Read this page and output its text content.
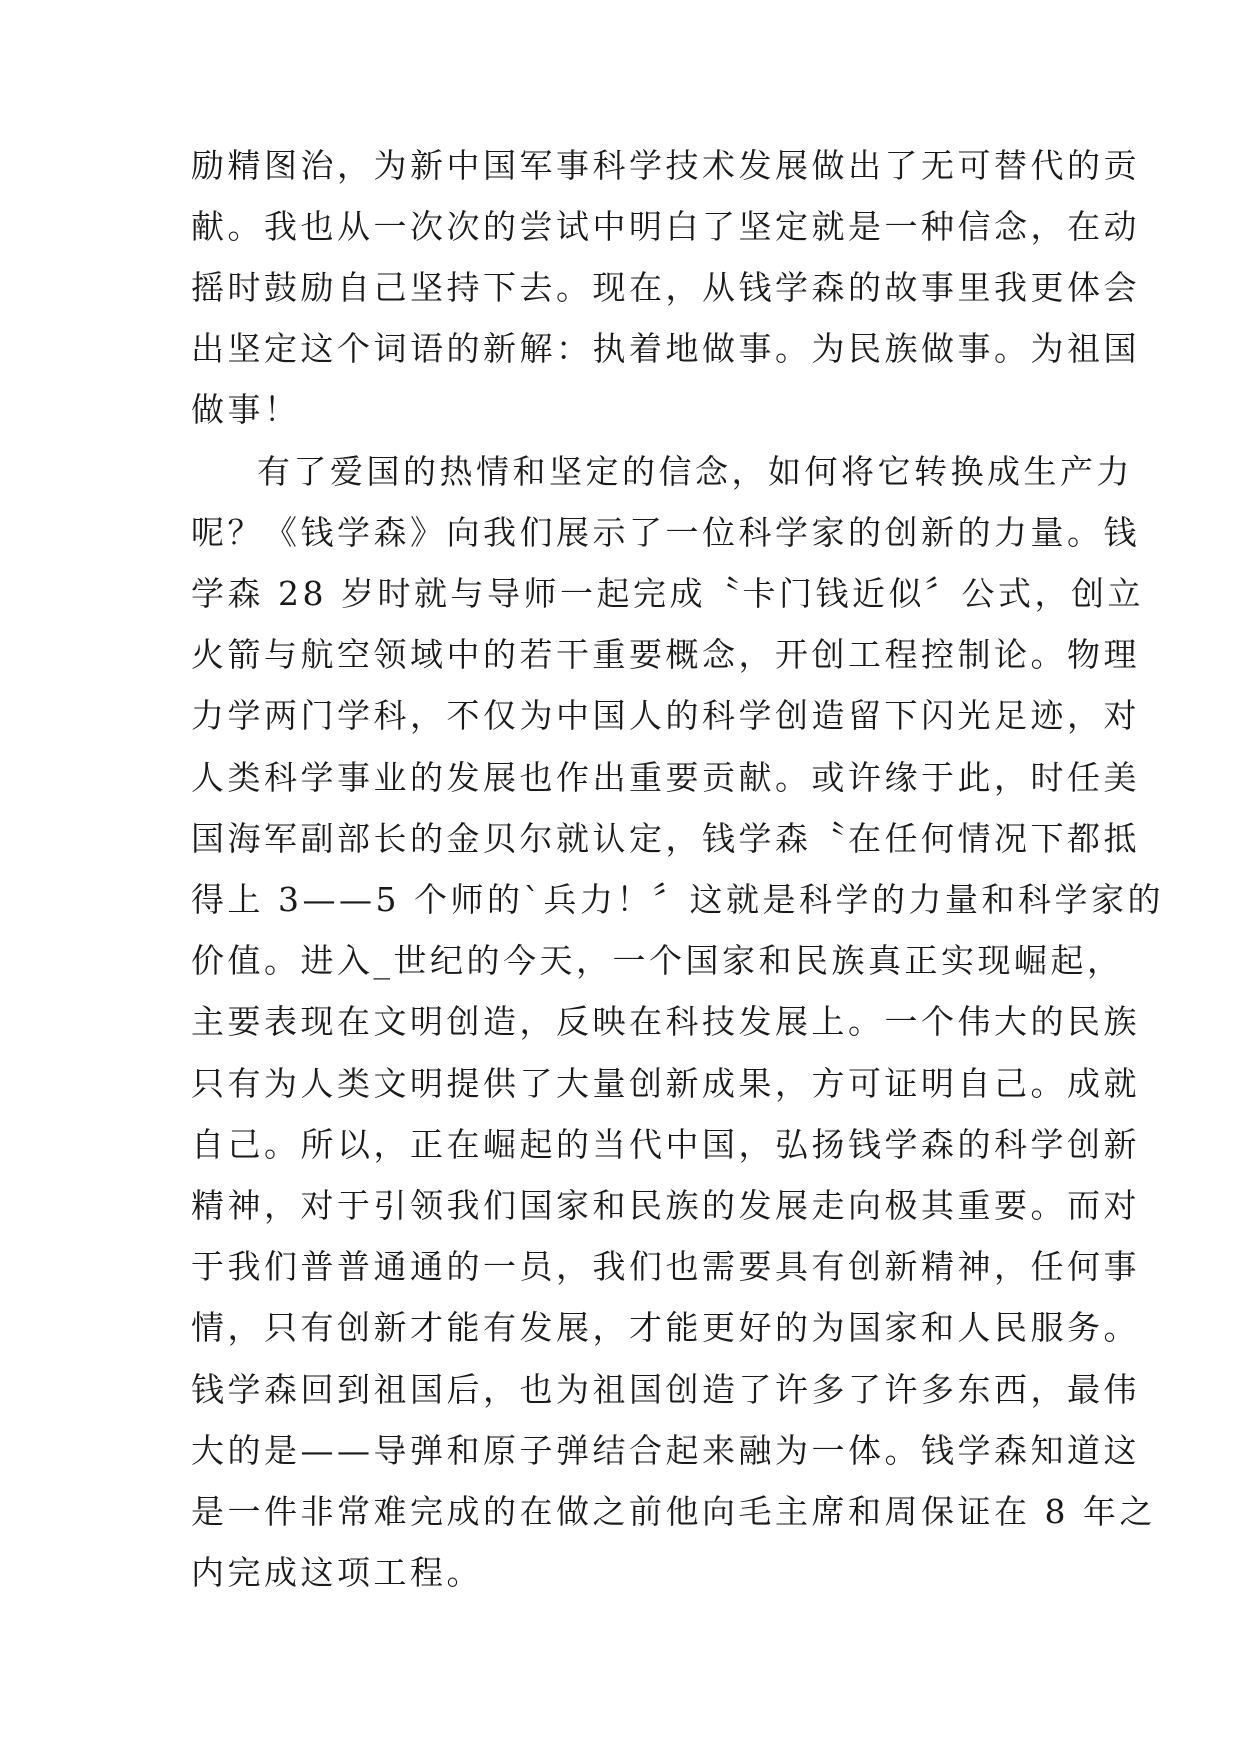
励精图治，为新中国军事科学技术发展做出了无可替代的贡
献。我也从一次次的尝试中明白了坚定就是一种信念，在动
摇时鼓励自己坚持下去。现在，从钱学森的故事里我更体会
出坚定这个词语的新解：执着地做事。为民族做事。为祖国
做事！
有了爱国的热情和坚定的信念，如何将它转换成生产力
呢？《钱学森》向我们展示了一位科学家的创新的力量。钱
学森 28 岁时就与导师一起完成〝卡门钱近似〞公式，创立
火箭与航空领域中的若干重要概念，开创工程控制论。物理
力学两门学科，不仅为中国人的科学创造留下闪光足迹，对
人类科学事业的发展也作出重要贡献。或许缘于此，时任美
国海军副部长的金贝尔就认定，钱学森〝在任何情况下都抵
得上 3——5 个师的`兵力！〞这就是科学的力量和科学家的
价值。进入_世纪的今天，一个国家和民族真正实现崛起，
主要表现在文明创造，反映在科技发展上。一个伟大的民族
只有为人类文明提供了大量创新成果，方可证明自己。成就
自己。所以，正在崛起的当代中国，弘扬钱学森的科学创新
精神，对于引领我们国家和民族的发展走向极其重要。而对
于我们普普通通的一员，我们也需要具有创新精神，任何事
情，只有创新才能有发展，才能更好的为国家和人民服务。
钱学森回到祖国后，也为祖国创造了许多了许多东西，最伟
大的是——导弹和原子弹结合起来融为一体。钱学森知道这
是一件非常难完成的在做之前他向毛主席和周保证在 8 年之
内完成这项工程。
